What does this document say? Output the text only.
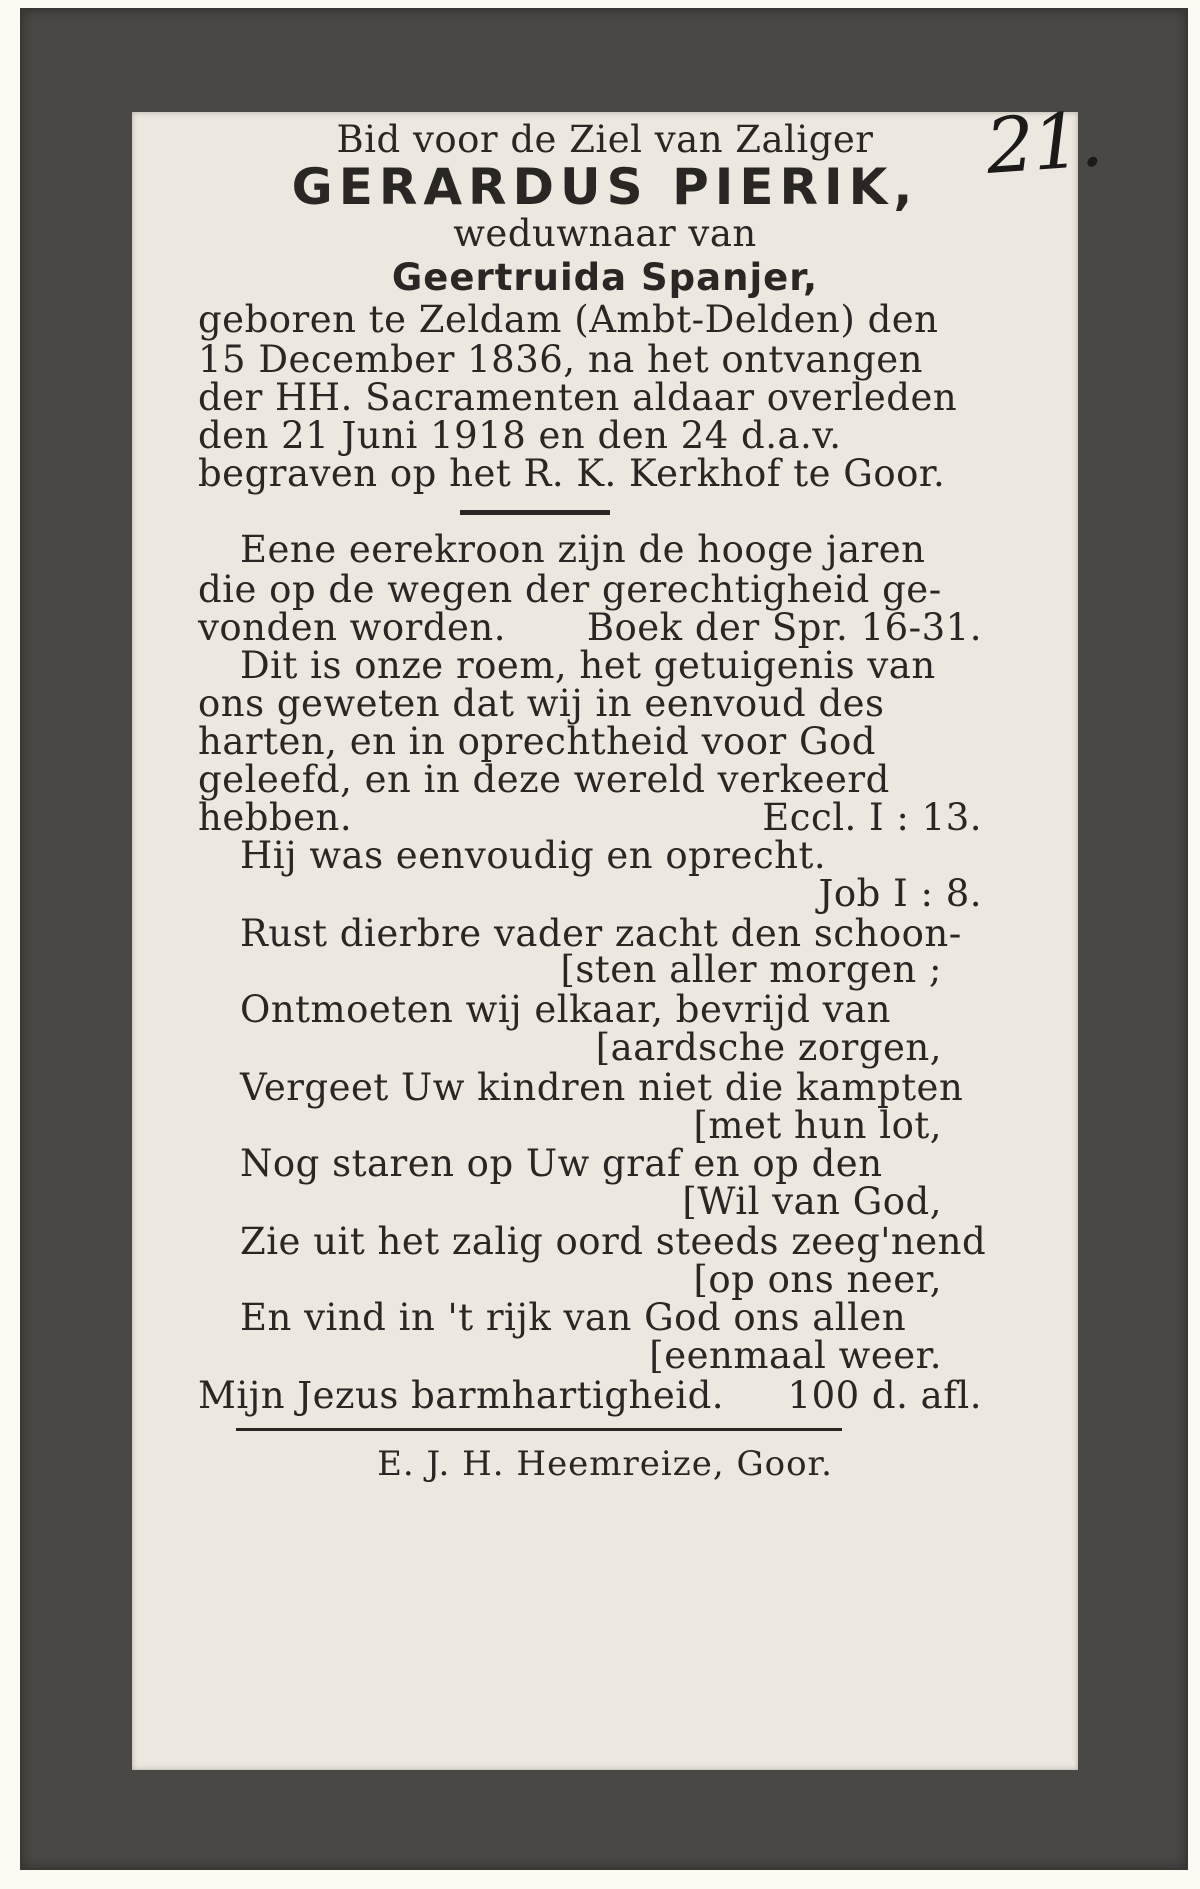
Bid voor de Ziel van Zaliger
GERARDUS PIERIK,
weduwnaar van
Geertruida Spanjer,
geboren te Zeldam (Ambt-Delden) den
15 December 1836, na het ontvangen
der HH. Sacramenten aldaar overleden
den 21 Juni 1918 en den 24 d.a.v.
begraven op het R. K. Kerkhof te Goor.
Eene eerekroon zijn de hooge jaren
die op de wegen der gerechtigheid ge-
vonden worden. Boek der Spr. 16-31.
Dit is onze roem, het getuigenis van
ons geweten dat wij in eenvoud des
harten, en in oprechtheid voor God
geleefd, en in deze wereld verkeerd
hebben.	Eccl. I : 13.
Hij was eenvoudig en oprecht.
Job I : 8.
Rust dierbre vader zacht den schoon-
[sten aller morgen ;
Ontmoeten wij elkaar, bevrijd van
[aardsche zorgen,
Vergeet Uw kindren niet die kampten
[met hun lot,
Nog staren op Uw graf en op den
[Wil van God,
Zie uit het zalig oord steeds zeeg'nend
[op ons neer,
En vind in 't rijk van God ons allen
[eenmaal weer.
Mijn Jezus barmhartigheid. 100 d. afl.
E. J. H. Heemreize, Goor.
21.
